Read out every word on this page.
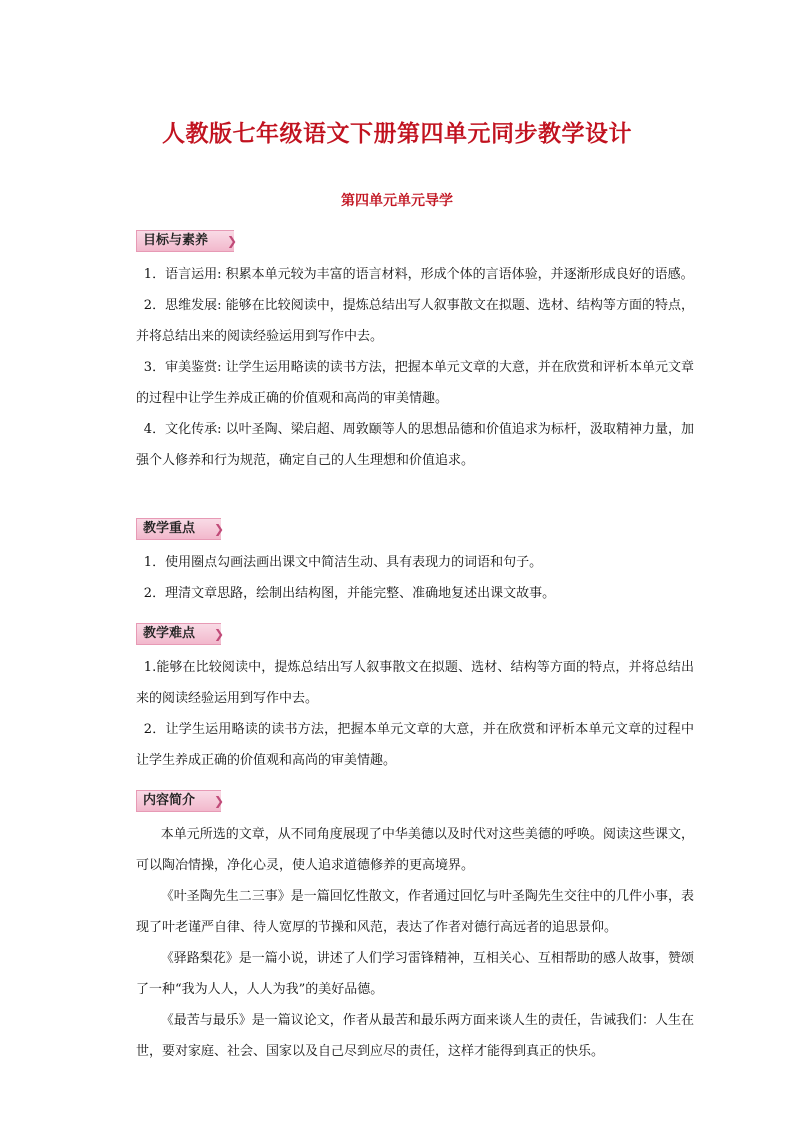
人教版七年级语文下册第四单元同步教学设计
第四单元单元导学
目标与素养 ❯

1．语言运用: 积累本单元较为丰富的语言材料，形成个体的言语体验，并逐渐形成良好的语感。

2．思维发展: 能够在比较阅读中，提炼总结出写人叙事散文在拟题、选材、结构等方面的特点，并将总结出来的阅读经验运用到写作中去。

3．审美鉴赏: 让学生运用略读的读书方法，把握本单元文章的大意，并在欣赏和评析本单元文章的过程中让学生养成正确的价值观和高尚的审美情趣。

4．文化传承: 以叶圣陶、梁启超、周敦颐等人的思想品德和价值追求为标杆，汲取精神力量，加强个人修养和行为规范，确定自己的人生理想和价值追求。

教学重点 ❯

1．使用圈点勾画法画出课文中简洁生动、具有表现力的词语和句子。

2．理清文章思路，绘制出结构图，并能完整、准确地复述出课文故事。

教学难点 ❯

1.能够在比较阅读中，提炼总结出写人叙事散文在拟题、选材、结构等方面的特点，并将总结出来的阅读经验运用到写作中去。

2．让学生运用略读的读书方法，把握本单元文章的大意，并在欣赏和评析本单元文章的过程中让学生养成正确的价值观和高尚的审美情趣。

内容简介 ❯

本单元所选的文章，从不同角度展现了中华美德以及时代对这些美德的呼唤。阅读这些课文，可以陶冶情操，净化心灵，使人追求道德修养的更高境界。

《叶圣陶先生二三事》是一篇回忆性散文，作者通过回忆与叶圣陶先生交往中的几件小事，表现了叶老谨严自律、待人宽厚的节操和风范，表达了作者对德行高远者的追思景仰。

《驿路梨花》是一篇小说，讲述了人们学习雷锋精神，互相关心、互相帮助的感人故事，赞颂了一种“我为人人，人人为我”的美好品德。

《最苦与最乐》是一篇议论文，作者从最苦和最乐两方面来谈人生的责任，告诫我们：人生在世，要对家庭、社会、国家以及自己尽到应尽的责任，这样才能得到真正的快乐。
